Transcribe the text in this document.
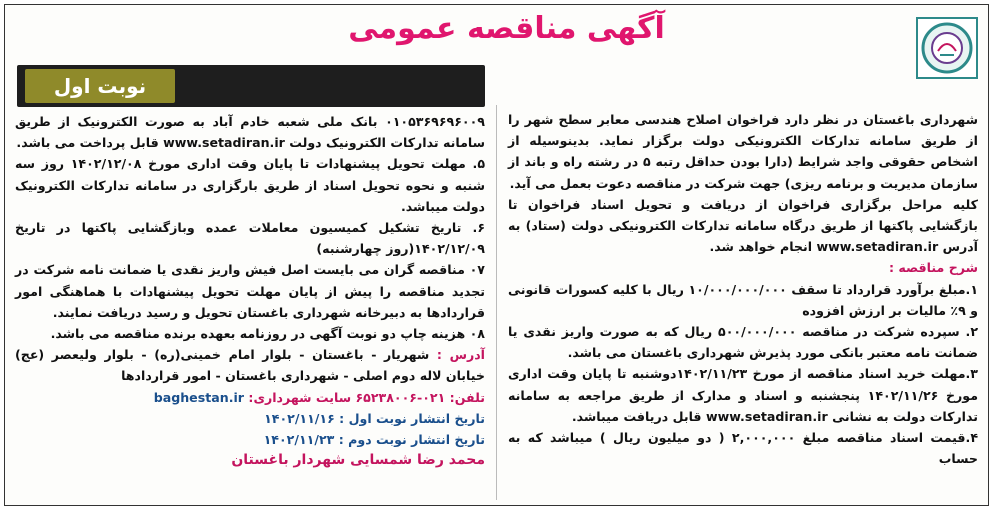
آگهی مناقصه عمومی
نوبت اول

شهرداری باغستان در نظر دارد فراخوان اصلاح هندسی معابر سطح شهر را از طریق سامانه تدارکات الکترونیکی دولت برگزار نماید. بدینوسیله از اشخاص حقوقی واجد شرایط (دارا بودن حداقل رتبه ۵ در رشته راه و باند از سازمان مدیریت و برنامه ریزی) جهت شرکت در مناقصه دعوت بعمل می آید.

کلیه مراحل برگزاری فراخوان از دریافت و تحویل اسناد فراخوان تا بازگشایی پاکتها از طریق درگاه سامانه تدارکات الکترونیکی دولت (ستاد) به آدرس www.setadiran.ir انجام خواهد شد.

شرح مناقصه :

۱.مبلغ برآورد قرارداد تا سقف ۱۰/۰۰۰/۰۰۰/۰۰۰ ریال با کلیه کسورات قانونی و ۹٪ مالیات بر ارزش افزوده

۲. سپرده شرکت در مناقصه ۵۰۰/۰۰۰/۰۰۰ ریال که به صورت واریز نقدی یا ضمانت نامه معتبر بانکی مورد پذیرش شهرداری باغستان می باشد.

۳.مهلت خرید اسناد مناقصه از مورخ ۱۴۰۲/۱۱/۲۳دوشنبه تا پایان وقت اداری مورخ ۱۴۰۲/۱۱/۲۶ پنجشنبه و اسناد و مدارک از طریق مراجعه به سامانه تدارکات دولت به نشانی www.setadiran.ir قابل دریافت میباشد.

۴.قیمت اسناد مناقصه مبلغ ۲,۰۰۰,۰۰۰ ( دو میلیون ریال ) میباشد که به حساب

۰۱۰۵۳۶۹۶۹۶۰۰۹ بانک ملی شعبه خادم آباد به صورت الکترونیک از طریق سامانه تدارکات الکترونیک دولت www.setadiran.ir قابل پرداخت می باشد.

۵. مهلت تحویل پیشنهادات تا پایان وقت اداری مورخ ۱۴۰۲/۱۲/۰۸ روز سه شنبه و نحوه تحویل اسناد از طریق بارگزاری در سامانه تدارکات الکترونیک دولت میباشد.

۶. تاریخ تشکیل کمیسیون معاملات عمده وبازگشایی پاکتها در تاریخ ۱۴۰۲/۱۲/۰۹(روز چهارشنبه)

۰۷ مناقصه گران می بایست اصل فیش واریز نقدی یا ضمانت نامه شرکت در تجدید مناقصه را پیش از پایان مهلت تحویل پیشنهادات با هماهنگی امور قراردادها به دبیرخانه شهرداری باغستان تحویل و رسید دریافت نمایند.

۰۸ هزینه چاپ دو نوبت آگهی در روزنامه بعهده برنده مناقصه می باشد.

آدرس : شهریار - باغستان - بلوار امام خمینی(ره) - بلوار ولیعصر (عج) خیابان لاله دوم اصلی - شهرداری باغستان - امور قراردادها

تلفن: ۰۲۱-۶۵۲۳۸۰۰۶ سایت شهرداری: baghestan.ir

تاریخ انتشار نوبت اول : ۱۴۰۲/۱۱/۱۶

تاریخ انتشار نوبت دوم : ۱۴۰۲/۱۱/۲۳

محمد رضا شمسایی شهردار باغستان
